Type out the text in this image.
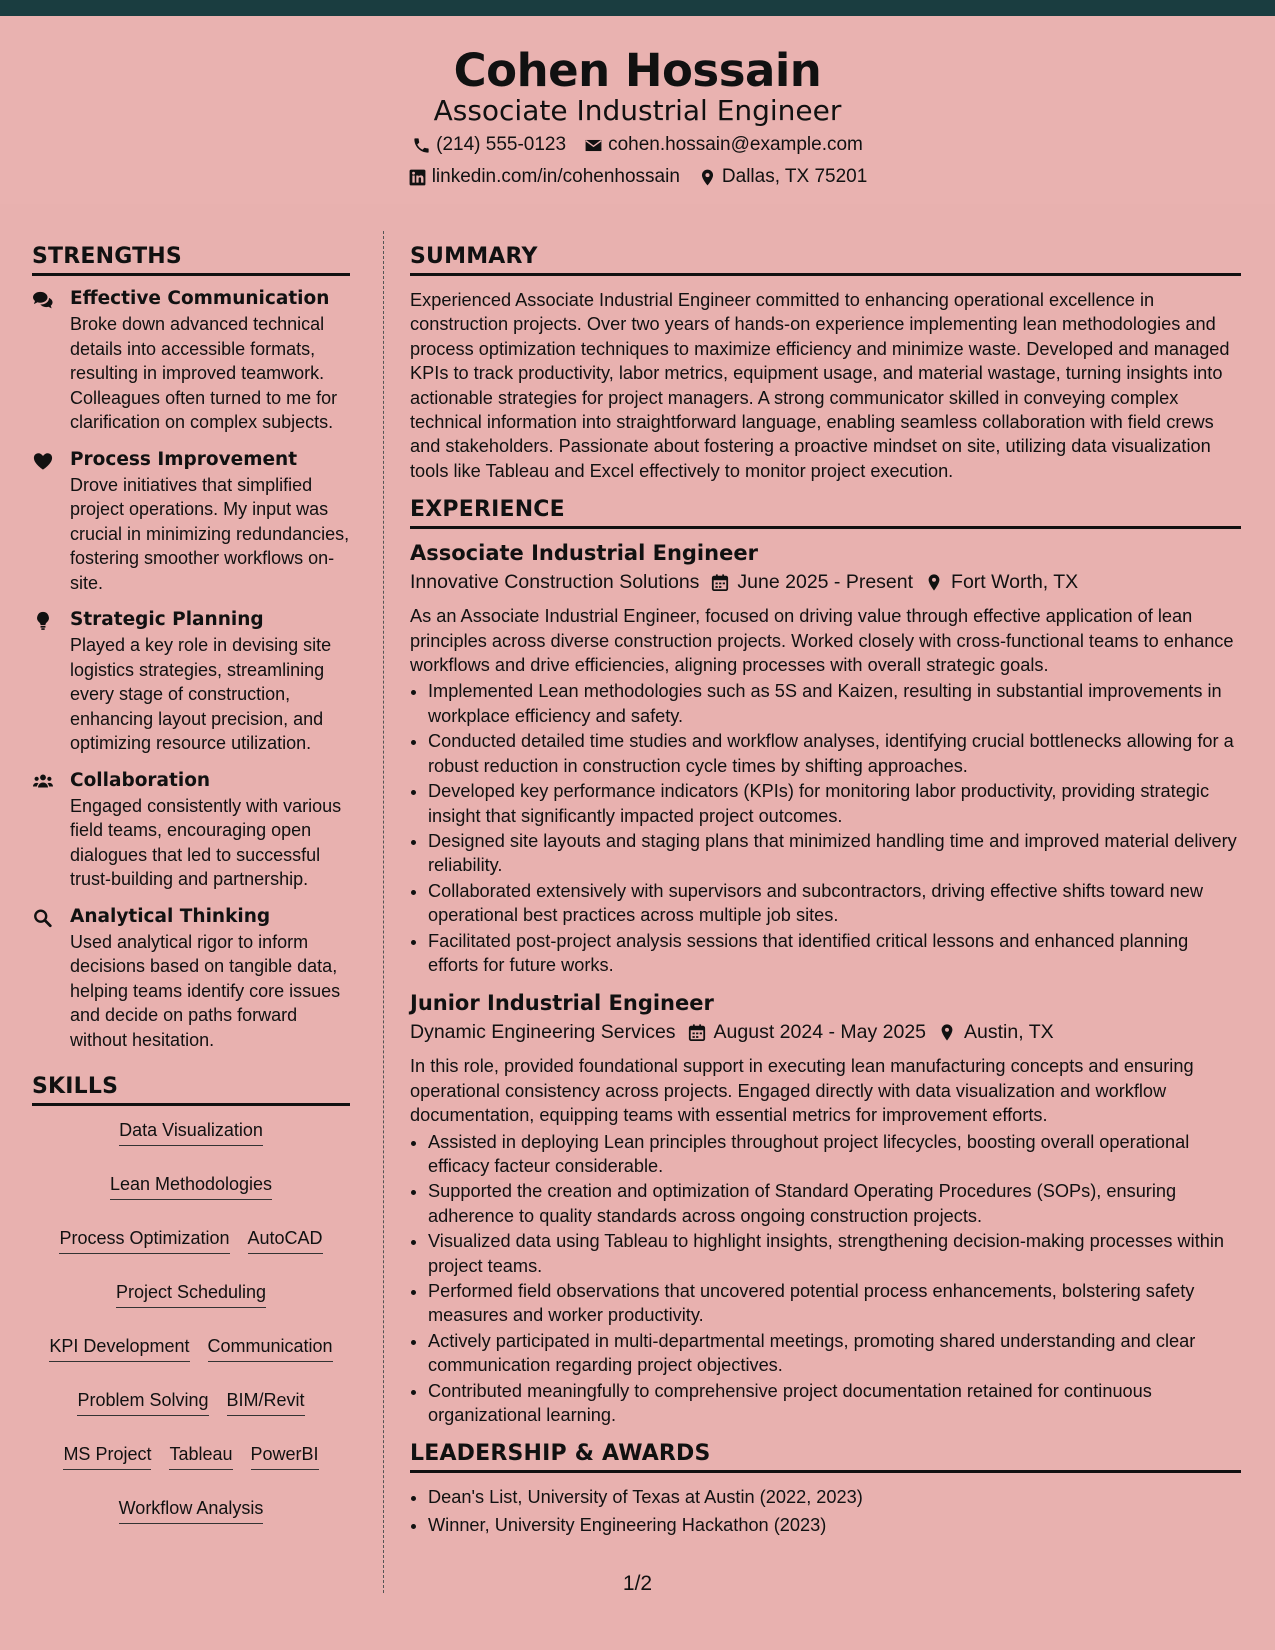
Cohen Hossain
Associate Industrial Engineer
(214) 555-0123 cohen.hossain@example.com
linkedin.com/in/cohenhossain Dallas, TX 75201
STRENGTHS
Effective Communication
Broke down advanced technical details into accessible formats, resulting in improved teamwork. Colleagues often turned to me for clarification on complex subjects.
Process Improvement
Drove initiatives that simplified project operations. My input was crucial in minimizing redundancies, fostering smoother workflows on-site.
Strategic Planning
Played a key role in devising site logistics strategies, streamlining every stage of construction, enhancing layout precision, and optimizing resource utilization.
Collaboration
Engaged consistently with various field teams, encouraging open dialogues that led to successful trust-building and partnership.
Analytical Thinking
Used analytical rigor to inform decisions based on tangible data, helping teams identify core issues and decide on paths forward without hesitation.
SKILLS
Data Visualization
Lean Methodologies
Process Optimization AutoCAD
Project Scheduling
KPI Development Communication
Problem Solving BIM/Revit
MS Project Tableau PowerBI
Workflow Analysis
SUMMARY
Experienced Associate Industrial Engineer committed to enhancing operational excellence in construction projects. Over two years of hands-on experience implementing lean methodologies and process optimization techniques to maximize efficiency and minimize waste. Developed and managed KPIs to track productivity, labor metrics, equipment usage, and material wastage, turning insights into actionable strategies for project managers. A strong communicator skilled in conveying complex technical information into straightforward language, enabling seamless collaboration with field crews and stakeholders. Passionate about fostering a proactive mindset on site, utilizing data visualization tools like Tableau and Excel effectively to monitor project execution.
EXPERIENCE
Associate Industrial Engineer
Innovative Construction Solutions June 2025 - Present Fort Worth, TX
As an Associate Industrial Engineer, focused on driving value through effective application of lean principles across diverse construction projects. Worked closely with cross-functional teams to enhance workflows and drive efficiencies, aligning processes with overall strategic goals.
• Implemented Lean methodologies such as 5S and Kaizen, resulting in substantial improvements in workplace efficiency and safety.
• Conducted detailed time studies and workflow analyses, identifying crucial bottlenecks allowing for a robust reduction in construction cycle times by shifting approaches.
• Developed key performance indicators (KPIs) for monitoring labor productivity, providing strategic insight that significantly impacted project outcomes.
• Designed site layouts and staging plans that minimized handling time and improved material delivery reliability.
• Collaborated extensively with supervisors and subcontractors, driving effective shifts toward new operational best practices across multiple job sites.
• Facilitated post-project analysis sessions that identified critical lessons and enhanced planning efforts for future works.
Junior Industrial Engineer
Dynamic Engineering Services August 2024 - May 2025 Austin, TX
In this role, provided foundational support in executing lean manufacturing concepts and ensuring operational consistency across projects. Engaged directly with data visualization and workflow documentation, equipping teams with essential metrics for improvement efforts.
• Assisted in deploying Lean principles throughout project lifecycles, boosting overall operational efficacy facteur considerable.
• Supported the creation and optimization of Standard Operating Procedures (SOPs), ensuring adherence to quality standards across ongoing construction projects.
• Visualized data using Tableau to highlight insights, strengthening decision-making processes within project teams.
• Performed field observations that uncovered potential process enhancements, bolstering safety measures and worker productivity.
• Actively participated in multi-departmental meetings, promoting shared understanding and clear communication regarding project objectives.
• Contributed meaningfully to comprehensive project documentation retained for continuous organizational learning.
LEADERSHIP & AWARDS
• Dean's List, University of Texas at Austin (2022, 2023)
• Winner, University Engineering Hackathon (2023)
1/2
